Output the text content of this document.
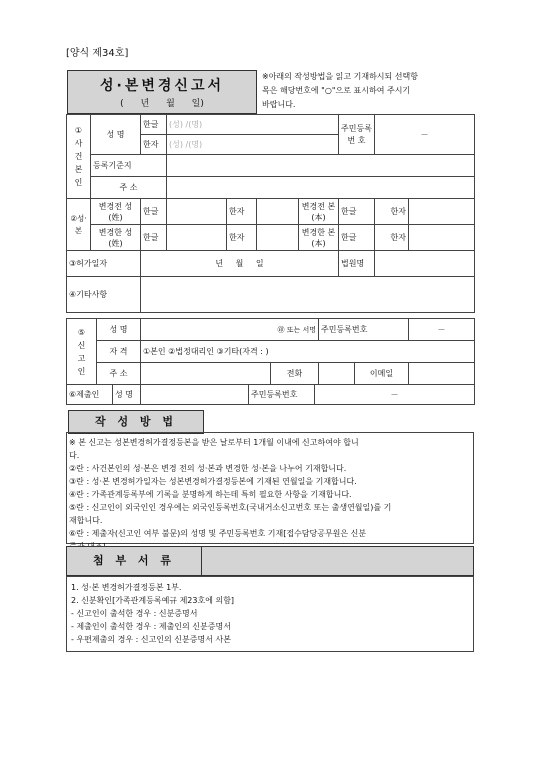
[양식 제34호]
성·본변경신고서
( 년 월 일)
※아래의 작성방법을 읽고 기재하시되 선택항
목은 해당번호에 "○"으로 표시하여 주시기
바랍니다.
①
사
건
본
인	성 명	한글	(성) /(명)				주민등록 번 호	－	
		한자	(성) /(명)						
	등록기준지								
	주 소								
②성·본	변경전 성(姓)	한글		한자		변경전 본(本)	한글	한자	
	변경한 성(姓)	한글		한자		변경한 본(本)	한글	한자	
③허가일자		년 월 일					법원명		
④기타사항									
⑤
신
고
인	성 명	㊞ 또는 서명		주민등록번호		－
	자 격	①본인 ②법정대리인 ③기타(자격 : )				
	주 소		전화		이메일	
⑥제출인	성 명		주민등록번호	－
작 성 방 법
※ 본 신고는 성본변경허가결정등본을 받은 날로부터 1개월 이내에 신고하여야 합니
다.
②란 : 사건본인의 성·본은 변경 전의 성·본과 변경한 성·본을 나누어 기재합니다.
③란 : 성·본 변경허가일자는 성본변경허가결정등본에 기재된 연월일을 기재합니다.
④란 : 가족관계등록부에 기록을 분명하게 하는데 특히 필요한 사항을 기재합니다.
⑤란 : 신고인이 외국인인 경우에는 외국인등록번호(국내거소신고번호 또는 출생연월일)를 기
재합니다.
⑥란 : 제출자(신고인 여부 불문)의 성명 및 주민등록번호 기재[접수담당공무원은 신분
첨 부 서 류
1. 성·본 변경허가결정등본 1부.
2. 신분확인[가족관계등록예규 제23호에 의함]
- 신고인이 출석한 경우 : 신분증명서
- 제출인이 출석한 경우 : 제출인의 신분증명서
- 우편제출의 경우 : 신고인의 신분증명서 사본
